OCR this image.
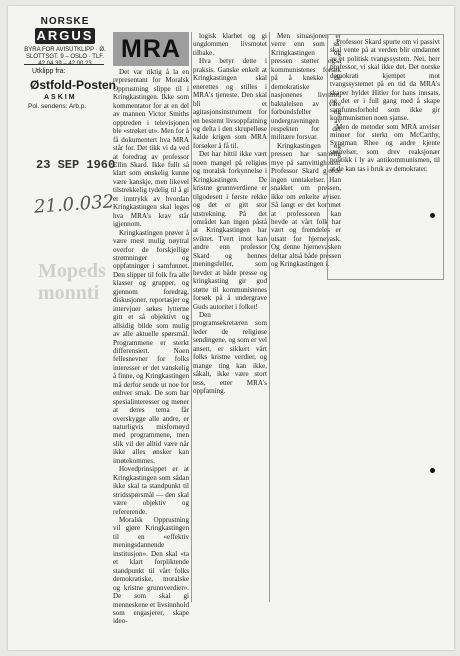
NORSKE
ARGUS
BYRA FOR AVISUTKLIPP · Ø. SLOTTSGT. 9 – OSLO · TLF. 42 04 39 – 42 00 23
Utklipp fra:
Østfold-Posten
ASKIM
Pol. sendens: Arb.p.
23 SEP 1960
21.0.032
Mopeds
monnti
MRA

Det var riktig å la en representant for Moralsk Opprustning slippe til i Kringkastingen. Ikke som kommentator for at en del av mannen Victor Smiths opptreden i televisjonen ble «strøket ut». Men for å få dokumentert hva MRA står for. Det tikk vi da ved at foredrag av professor Ellin Skard. Ikke fullt så klart som ønskelig kunne være kanskje, men likevel tilstrekkelig tydelig til å gi et inntrykk av hvordan Kringkastingen skal leges hva MRA's krav står igjennom.

Kringkastingen prøver å være mest mulig nøytral overfor de forskjellige strømninger og oppfatninger i samfunnet. Den slipper til folk fra alle klasser og grupper, og gjennom foredrag, diskusjoner, reportasjer og intervjuer søkes lytterne gitt et så objektivt og allsidig bilde som mulig av alle aktuelle spørsmål. Programmene er sterkt differensiert. Noen fellesnevner for folks interesser er det vanskelig å finne, og Kringkastingen må derfor sende ut noe for enhver smak. De som har spesialinteresser og mener at deres tema får overskygge alle andre, er naturligvis misfornøyd med programmene, men slik vil det alltid være når ikke alles ønsker kan imøtekommes.

Hovedprinsippet er at Kringkastingen som sådan ikke skal ta standpunkt til stridsspørsmål — den skal være objektiv og refererende.

Moralsk Opprustning vil gjøre Kringkastingen til en «effektiv meningsdannende institusjon». Den skal «ta et klart forpliktende standpunkt til vårt folks demokratiske, moralske og kristne grunnverdier». De som skal gi menneskene et livsinnhold som engasjerer, skape ideo-

logisk klarhet og gi ungdommen livsmotet tilbake.

Hva betyr dette i praksis. Ganske enkelt at Kringkastingen skal enerettes og stilles i MRA's tjeneste. Den skal bli et agitasjonsinstrument for en bestemt livsoppfatning og delta i den skrupelløse kalde krigen som MRA forsøker å få til.

Det har hittil ikke vært noen mangel på religiøs og moralsk forkynnelse i Kringkastingen. De kristne grunnverdiene er tilgodesett i første rekke og det er gitt stor utstrekning. På det området kan ingen påstå at Kringkastingen har sviktet. Tvert imot kan andre enn professor Skard og hennes meningsfeller, som hevder at både presse og kringkasting gir god støtte til kommunistenes forsøk på å undergrave Guds autoritet i folket!

Den programsekretæren som leder de religiøse sendingene, og som er vel ansett, er sikkert vårt folks kristne verdier, og mange ting kan ikke, såkalt, ikke være stort tess, etter MRA's oppfatning.

Men situasjonen er verre enn som så. Kringkastingen og pressen støtter også kommunistenes forsøk på å knekke de demokratiske nasjonenes livsmot, baktalelsen av våre forbundsfeller og undergravningen av respekten for det militære forsvar.

Kringkastingen og pressen har sannelig mye på samvittigheten! Professor Skard gjorde ingen unntakelser. Han snakket om pressen, ikke om enkelte aviser. Så langt er det kommet at professoren kan hevde at vårt folk har vært og fremdeles er utsatt for hjernevask. Og denne hjernevasken deltar altså både pressen og Kringkastingen i.

Professor Skard spurte om vi passivt skal vente på at verden blir omdannet av et politisk tvangssystem. Nei, herr professor, vi skal ikke det. Det norske demokrati kjempet mot tvangssystemet på en tid da MRA's skaper hyldet Hitler for hans innsats, og det er i full gang med å skape samfunnsforhold som ikke gir kommunismen noen sjanse.

Men de metoder som MRA anviser minner for sterkt om McCarthy, Syngman Rhee og andre kjente størrelser, som drev reaksjonær politikk i ly av antikommunismen, til at de kan tas i bruk av demokrater.
